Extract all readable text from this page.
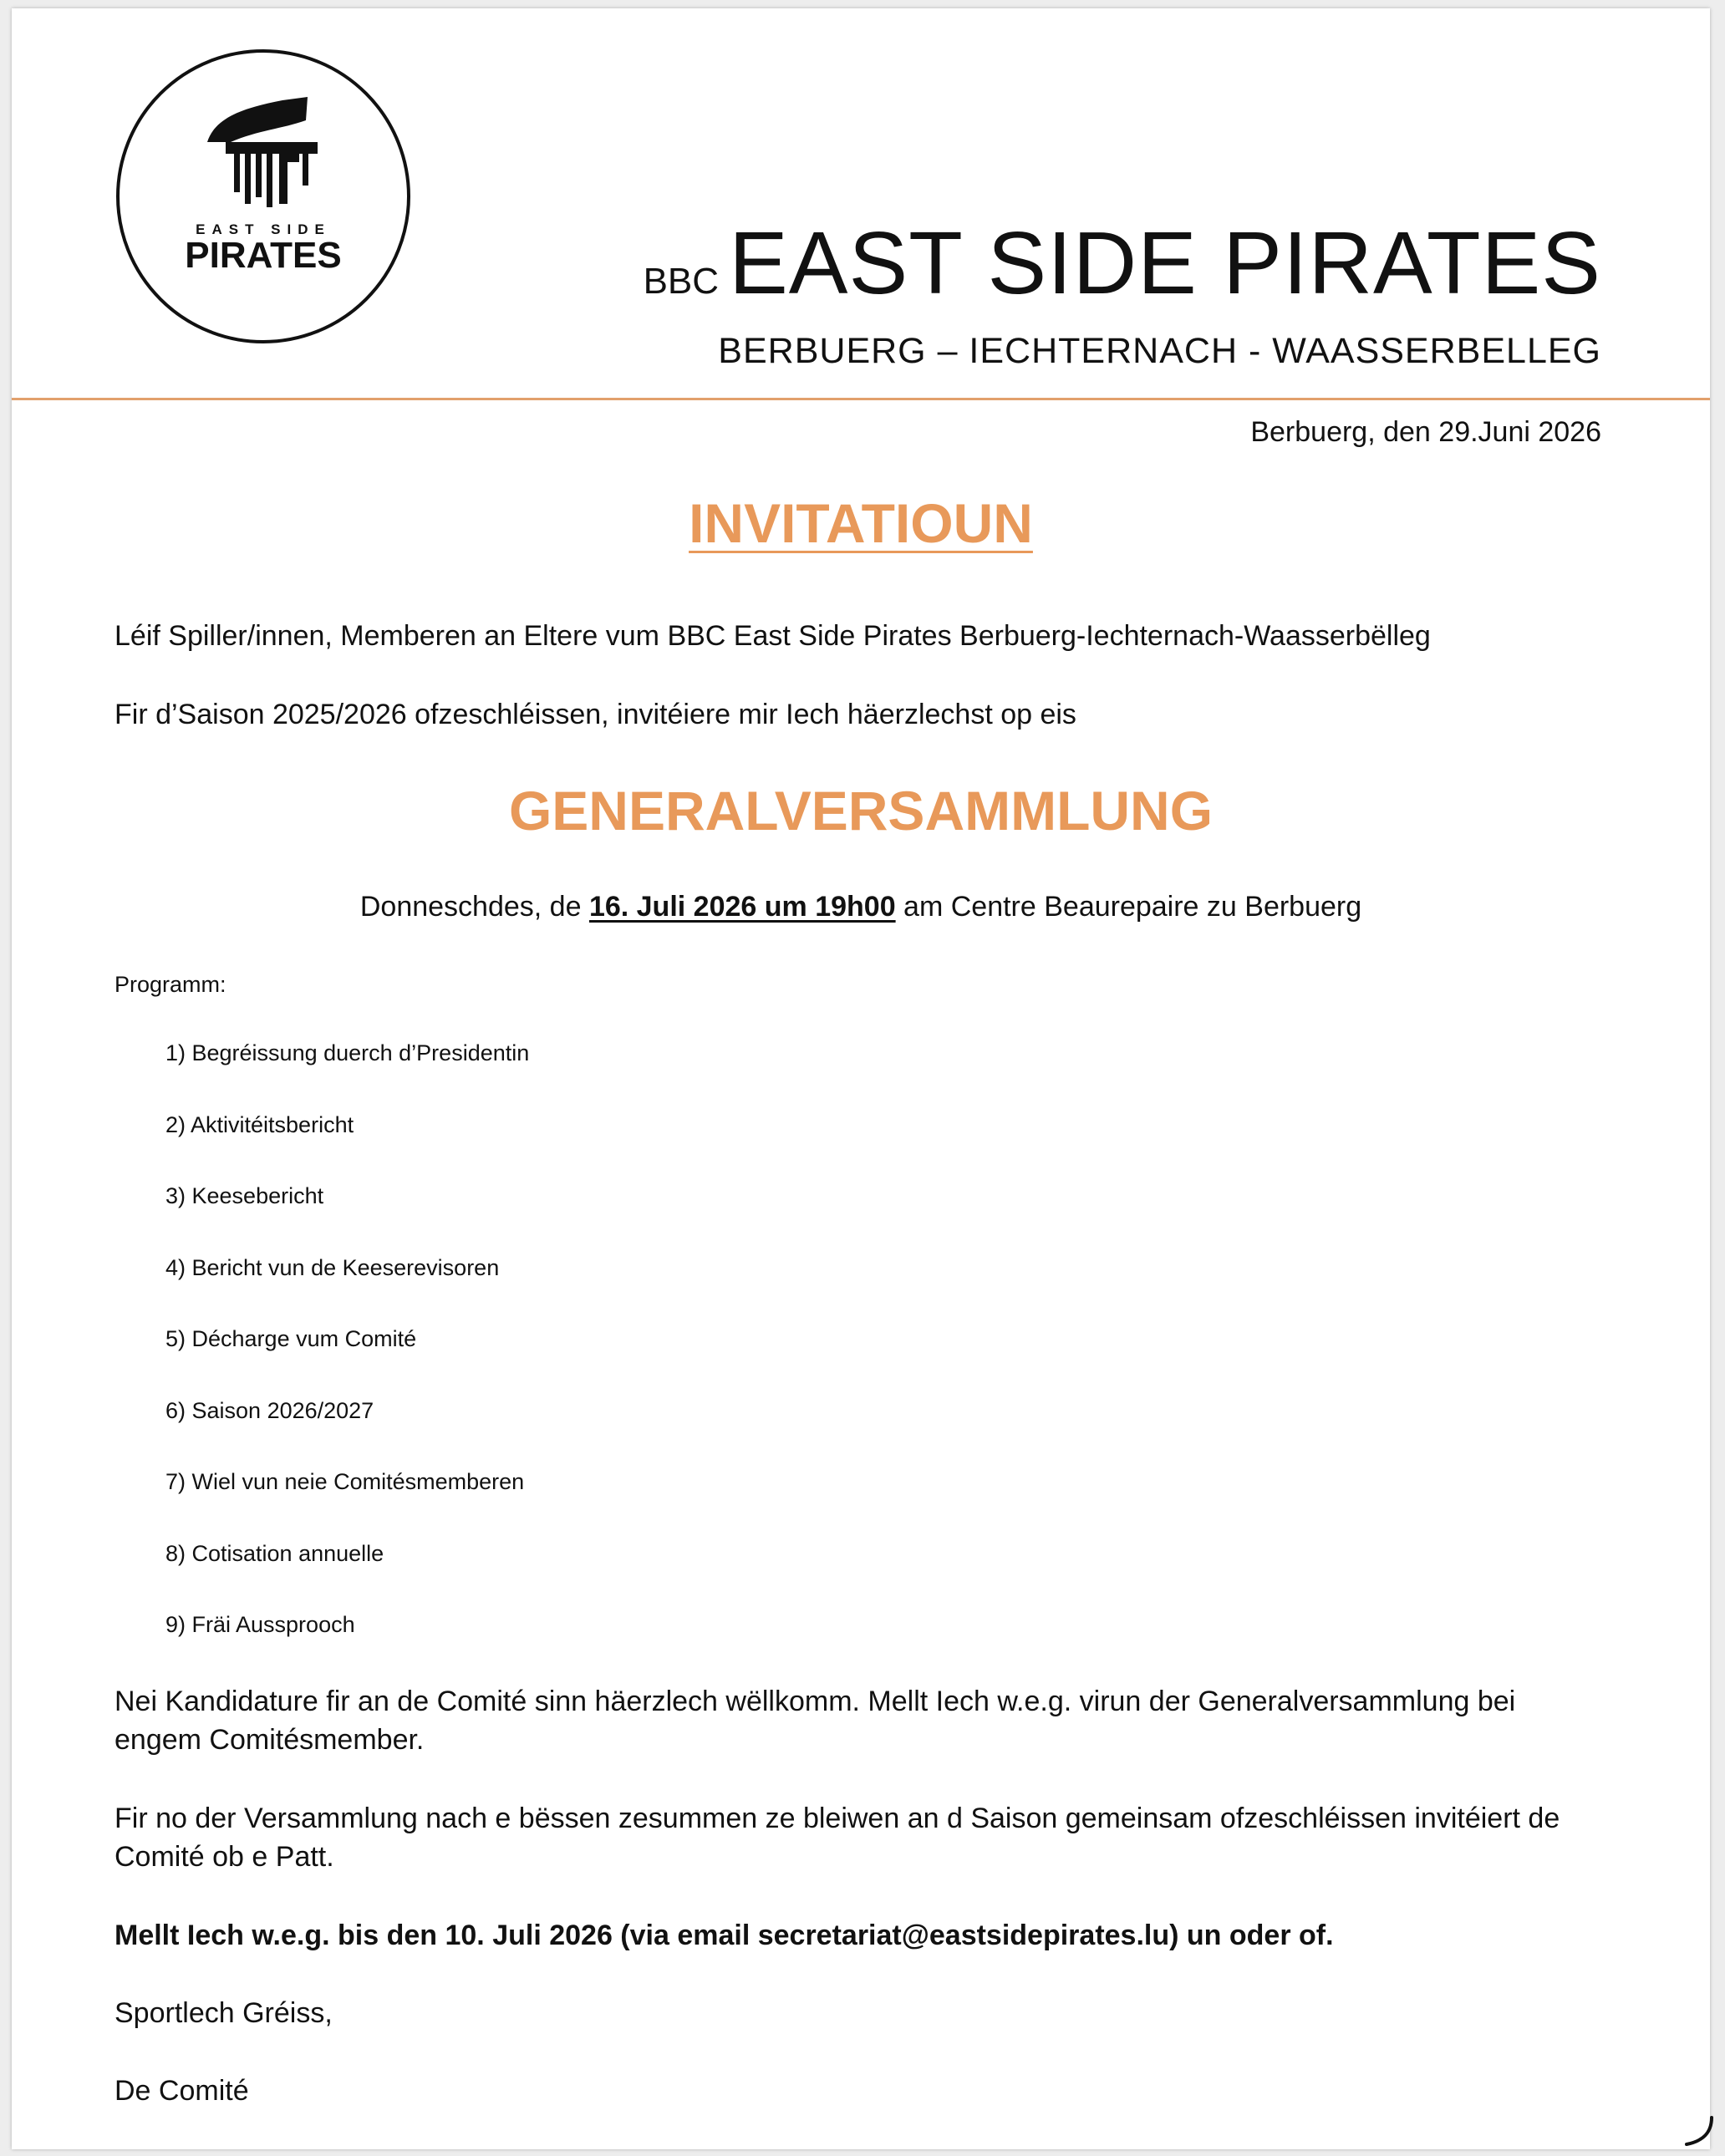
EAST SIDE
PIRATES
BBC EAST SIDE PIRATES
BERBUERG – IECHTERNACH - WAASSERBELLEG
Berbuerg, den 29.Juni 2026
INVITATIOUN
Léif Spiller/innen, Memberen an Eltere vum BBC East Side Pirates Berbuerg-Iechternach-Waasserbëlleg
Fir d’Saison 2025/2026 ofzeschléissen, invitéiere mir Iech häerzlechst op eis
GENERALVERSAMMLUNG
Donneschdes, de 16. Juli 2026 um 19h00 am Centre Beaurepaire zu Berbuerg
Programm:
1) Begréissung duerch d’Presidentin
2) Aktivitéitsbericht
3) Keesebericht
4) Bericht vun de Keeserevisoren
5) Décharge vum Comité
6) Saison 2026/2027
7) Wiel vun neie Comitésmemberen
8) Cotisation annuelle
9) Fräi Aussprooch
Nei Kandidature fir an de Comité sinn häerzlech wëllkomm. Mellt Iech w.e.g. virun der Generalversammlung bei engem Comitésmember.
Fir no der Versammlung nach e bëssen zesummen ze bleiwen an d Saison gemeinsam ofzeschléissen invitéiert de Comité ob e Patt.
Mellt Iech w.e.g. bis den 10. Juli 2026 (via email secretariat@eastsidepirates.lu) un oder of.
Sportlech Gréiss,
De Comité
